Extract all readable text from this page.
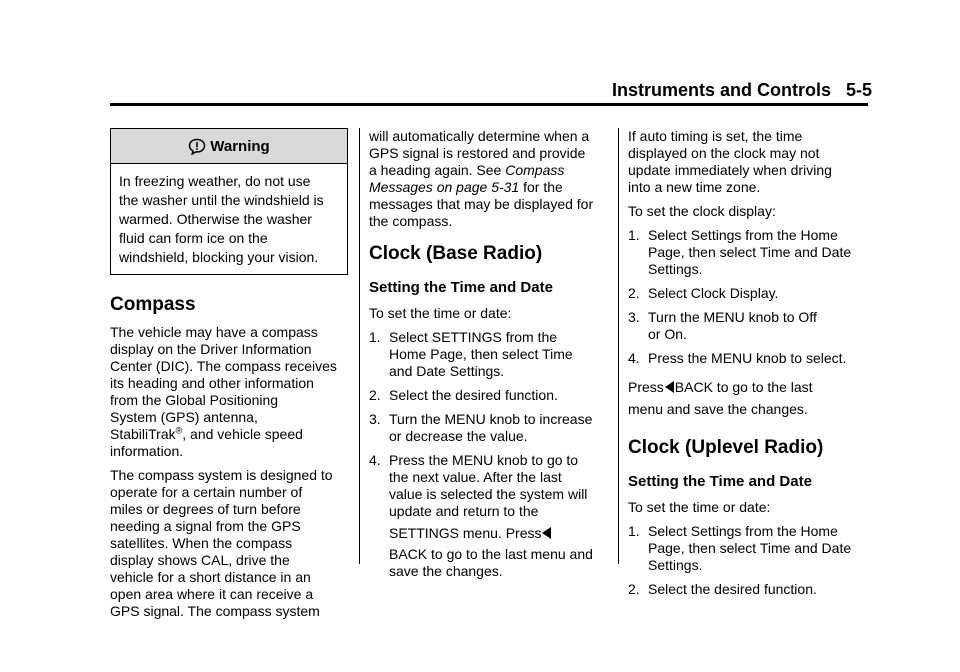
Instruments and Controls 5-5
Warning
In freezing weather, do not use
the washer until the windshield is
warmed. Otherwise the washer
fluid can form ice on the
windshield, blocking your vision.
Compass

The vehicle may have a compass
display on the Driver Information
Center (DIC). The compass receives
its heading and other information
from the Global Positioning
System (GPS) antenna,
StabiliTrak®, and vehicle speed
information.

The compass system is designed to
operate for a certain number of
miles or degrees of turn before
needing a signal from the GPS
satellites. When the compass
display shows CAL, drive the
vehicle for a short distance in an
open area where it can receive a
GPS signal. The compass system

will automatically determine when a
GPS signal is restored and provide
a heading again. See Compass
Messages on page 5-31 for the
messages that may be displayed for
the compass.

Clock (Base Radio)
Setting the Time and Date

To set the time or date:

1. Select SETTINGS from the
Home Page, then select Time
and Date Settings.
2. Select the desired function.
3. Turn the MENU knob to increase
or decrease the value.
4. Press the MENU knob to go to
the next value. After the last
value is selected the system will
update and return to the
SETTINGS menu. Press
BACK to go to the last menu and
save the changes.

If auto timing is set, the time
displayed on the clock may not
update immediately when driving
into a new time zone.

To set the clock display:

1. Select Settings from the Home
Page, then select Time and Date
Settings.
2. Select Clock Display.
3. Turn the MENU knob to Off
or On.
4. Press the MENU knob to select.

Press BACK to go to the last
menu and save the changes.

Clock (Uplevel Radio)
Setting the Time and Date

To set the time or date:

1. Select Settings from the Home
Page, then select Time and Date
Settings.
2. Select the desired function.
